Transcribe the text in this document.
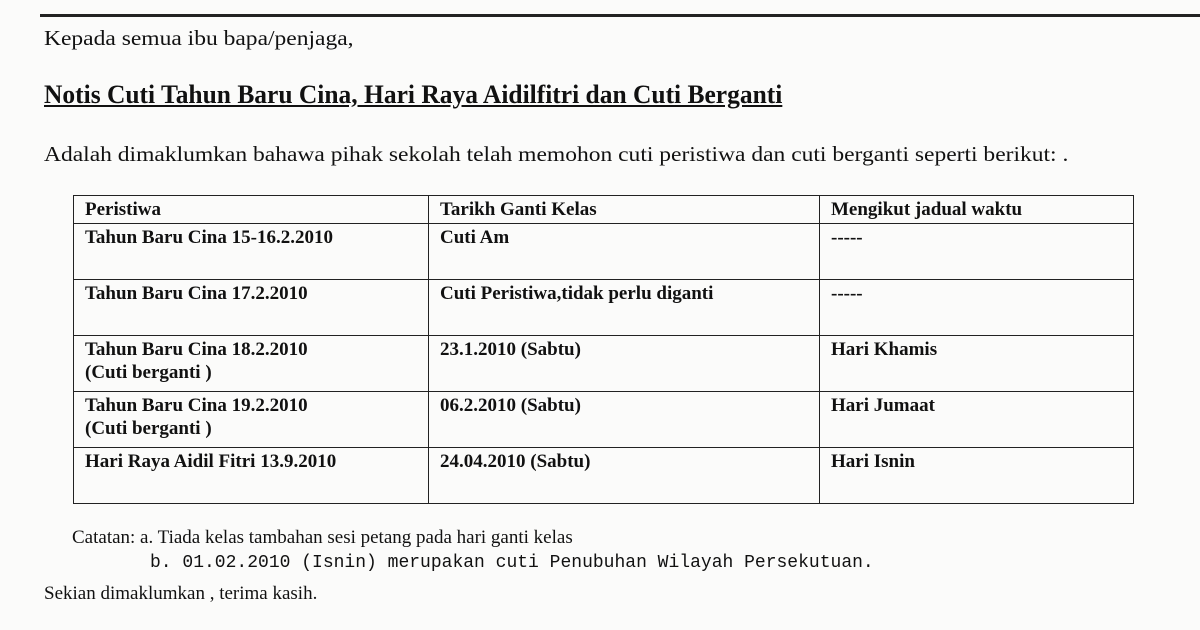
Kepada semua ibu bapa/penjaga,
Notis Cuti Tahun Baru Cina, Hari Raya Aidilfitri dan Cuti Berganti
Adalah dimaklumkan bahawa pihak sekolah telah memohon cuti peristiwa dan cuti berganti seperti berikut: .
Peristiwa	Tarikh Ganti Kelas	Mengikut jadual waktu

Tahun Baru Cina 15-16.2.2010	Cuti Am	-----

Tahun Baru Cina 17.2.2010	Cuti Peristiwa,tidak perlu diganti	-----

Tahun Baru Cina 18.2.2010
(Cuti berganti )	23.1.2010 (Sabtu)	Hari Khamis

Tahun Baru Cina 19.2.2010
(Cuti berganti )	06.2.2010 (Sabtu)	Hari Jumaat

Hari Raya Aidil Fitri 13.9.2010	24.04.2010 (Sabtu)	Hari Isnin
Catatan: a. Tiada kelas tambahan sesi petang pada hari ganti kelas
b. 01.02.2010 (Isnin) merupakan cuti Penubuhan Wilayah Persekutuan.
Sekian dimaklumkan , terima kasih.
